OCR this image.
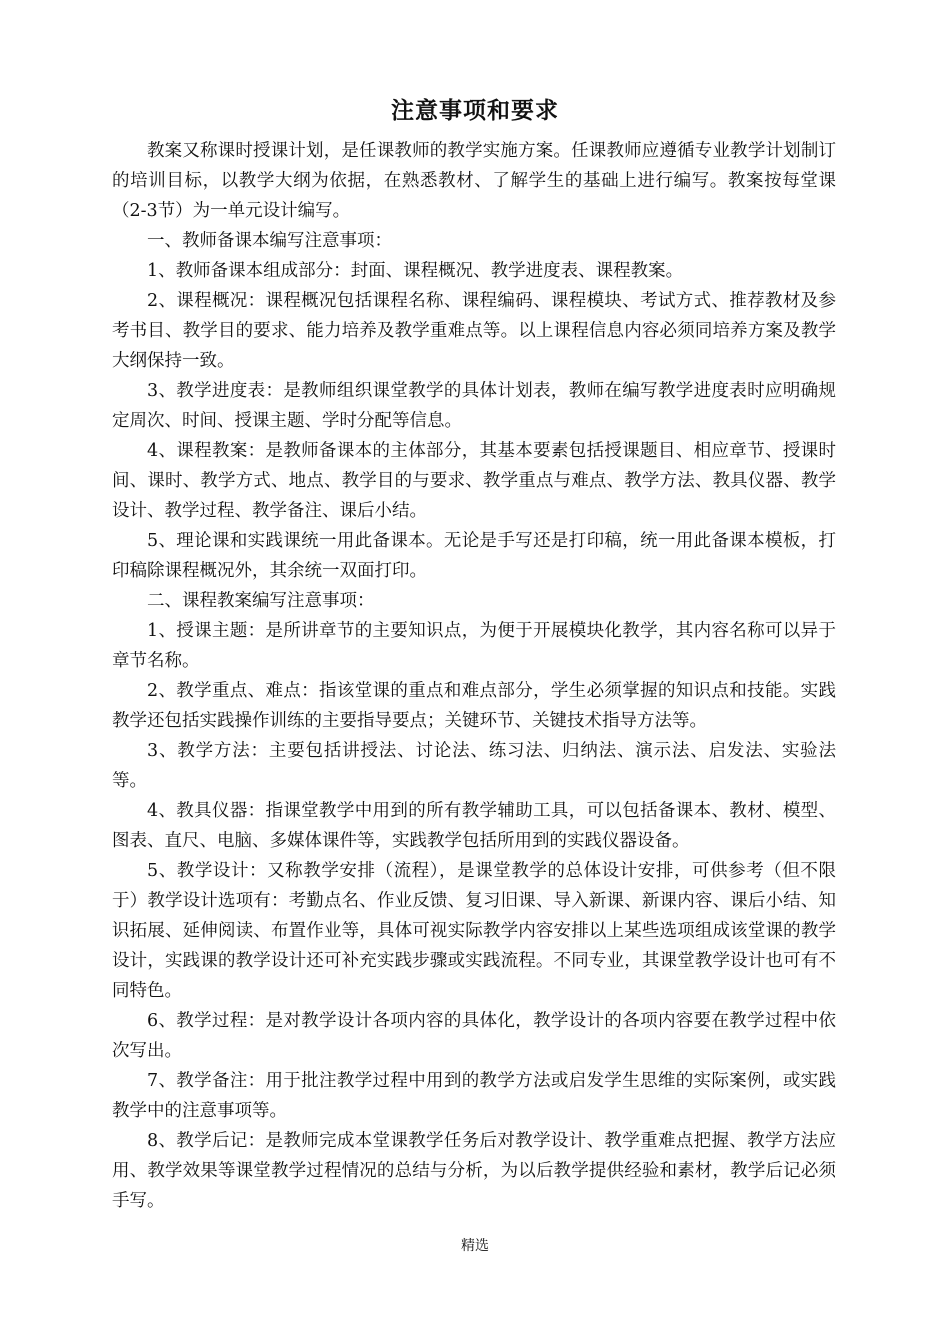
注意事项和要求

教案又称课时授课计划，是任课教师的教学实施方案。任课教师应遵循专业教学计划制订的培训目标，以教学大纲为依据，在熟悉教材、了解学生的基础上进行编写。教案按每堂课（2-3节）为一单元设计编写。

一、教师备课本编写注意事项：

1、教师备课本组成部分：封面、课程概况、教学进度表、课程教案。

2、课程概况：课程概况包括课程名称、课程编码、课程模块、考试方式、推荐教材及参考书目、教学目的要求、能力培养及教学重难点等。以上课程信息内容必须同培养方案及教学大纲保持一致。

3、教学进度表：是教师组织课堂教学的具体计划表，教师在编写教学进度表时应明确规定周次、时间、授课主题、学时分配等信息。

4、课程教案：是教师备课本的主体部分，其基本要素包括授课题目、相应章节、授课时间、课时、教学方式、地点、教学目的与要求、教学重点与难点、教学方法、教具仪器、教学设计、教学过程、教学备注、课后小结。

5、理论课和实践课统一用此备课本。无论是手写还是打印稿，统一用此备课本模板，打印稿除课程概况外，其余统一双面打印。

二、课程教案编写注意事项：

1、授课主题：是所讲章节的主要知识点，为便于开展模块化教学，其内容名称可以异于章节名称。

2、教学重点、难点：指该堂课的重点和难点部分，学生必须掌握的知识点和技能。实践教学还包括实践操作训练的主要指导要点；关键环节、关键技术指导方法等。

3、教学方法：主要包括讲授法、讨论法、练习法、归纳法、演示法、启发法、实验法等。

4、教具仪器：指课堂教学中用到的所有教学辅助工具，可以包括备课本、教材、模型、图表、直尺、电脑、多媒体课件等，实践教学包括所用到的实践仪器设备。

5、教学设计：又称教学安排（流程），是课堂教学的总体设计安排，可供参考（但不限于）教学设计选项有：考勤点名、作业反馈、复习旧课、导入新课、新课内容、课后小结、知识拓展、延伸阅读、布置作业等，具体可视实际教学内容安排以上某些选项组成该堂课的教学设计，实践课的教学设计还可补充实践步骤或实践流程。不同专业，其课堂教学设计也可有不同特色。

6、教学过程：是对教学设计各项内容的具体化，教学设计的各项内容要在教学过程中依次写出。

7、教学备注：用于批注教学过程中用到的教学方法或启发学生思维的实际案例，或实践教学中的注意事项等。

8、教学后记：是教师完成本堂课教学任务后对教学设计、教学重难点把握、教学方法应用、教学效果等课堂教学过程情况的总结与分析，为以后教学提供经验和素材，教学后记必须手写。

精选
